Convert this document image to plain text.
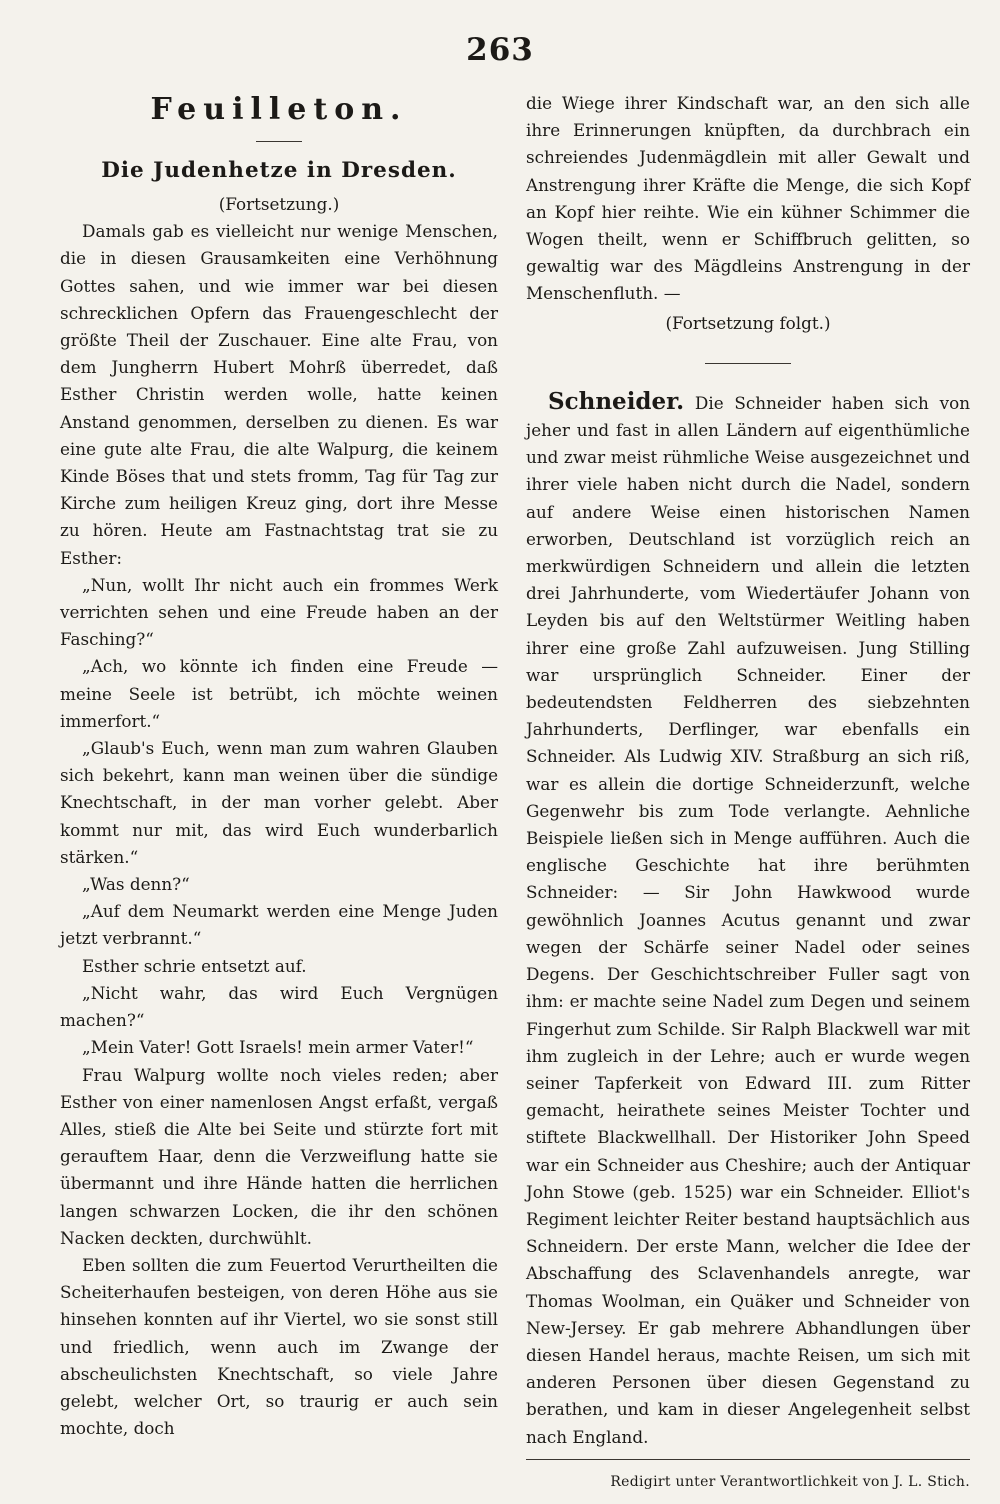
263
Feuilleton.
Die Judenhetze in Dresden.

(Fortsetzung.)

Damals gab es vielleicht nur wenige Menschen, die in diesen Grausamkeiten eine Verhöhnung Gottes sahen, und wie immer war bei diesen schrecklichen Opfern das Frauengeschlecht der größte Theil der Zuschauer. Eine alte Frau, von dem Jungherrn Hubert Mohrß überredet, daß Esther Christin werden wolle, hatte keinen Anstand genommen, derselben zu dienen. Es war eine gute alte Frau, die alte Walpurg, die keinem Kinde Böses that und stets fromm, Tag für Tag zur Kirche zum heiligen Kreuz ging, dort ihre Messe zu hören. Heute am Fastnachtstag trat sie zu Esther:

„Nun, wollt Ihr nicht auch ein frommes Werk verrichten sehen und eine Freude haben an der Fasching?“

„Ach, wo könnte ich finden eine Freude — meine Seele ist betrübt, ich möchte weinen immerfort.“

„Glaub's Euch, wenn man zum wahren Glauben sich bekehrt, kann man weinen über die sündige Knechtschaft, in der man vorher gelebt. Aber kommt nur mit, das wird Euch wunderbarlich stärken.“

„Was denn?“

„Auf dem Neumarkt werden eine Menge Juden jetzt verbrannt.“

Esther schrie entsetzt auf.

„Nicht wahr, das wird Euch Vergnügen machen?“

„Mein Vater! Gott Israels! mein armer Vater!“

Frau Walpurg wollte noch vieles reden; aber Esther von einer namenlosen Angst erfaßt, vergaß Alles, stieß die Alte bei Seite und stürzte fort mit gerauftem Haar, denn die Verzweiflung hatte sie übermannt und ihre Hände hatten die herrlichen langen schwarzen Locken, die ihr den schönen Nacken deckten, durchwühlt.

Eben sollten die zum Feuertod Verurtheilten die Scheiterhaufen besteigen, von deren Höhe aus sie hinsehen konnten auf ihr Viertel, wo sie sonst still und friedlich, wenn auch im Zwange der abscheulichsten Knechtschaft, so viele Jahre gelebt, welcher Ort, so traurig er auch sein mochte, doch

die Wiege ihrer Kindschaft war, an den sich alle ihre Erinnerungen knüpften, da durchbrach ein schreiendes Judenmägdlein mit aller Gewalt und Anstrengung ihrer Kräfte die Menge, die sich Kopf an Kopf hier reihte. Wie ein kühner Schimmer die Wogen theilt, wenn er Schiffbruch gelitten, so gewaltig war des Mägdleins Anstrengung in der Menschenfluth. —

(Fortsetzung folgt.)

Schneider. Die Schneider haben sich von jeher und fast in allen Ländern auf eigenthümliche und zwar meist rühmliche Weise ausgezeichnet und ihrer viele haben nicht durch die Nadel, sondern auf andere Weise einen historischen Namen erworben, Deutschland ist vorzüglich reich an merkwürdigen Schneidern und allein die letzten drei Jahrhunderte, vom Wiedertäufer Johann von Leyden bis auf den Weltstürmer Weitling haben ihrer eine große Zahl aufzuweisen. Jung Stilling war ursprünglich Schneider. Einer der bedeutendsten Feldherren des siebzehnten Jahrhunderts, Derflinger, war ebenfalls ein Schneider. Als Ludwig XIV. Straßburg an sich riß, war es allein die dortige Schneiderzunft, welche Gegenwehr bis zum Tode verlangte. Aehnliche Beispiele ließen sich in Menge aufführen. Auch die englische Geschichte hat ihre berühmten Schneider: — Sir John Hawkwood wurde gewöhnlich Joannes Acutus genannt und zwar wegen der Schärfe seiner Nadel oder seines Degens. Der Geschichtschreiber Fuller sagt von ihm: er machte seine Nadel zum Degen und seinem Fingerhut zum Schilde. Sir Ralph Blackwell war mit ihm zugleich in der Lehre; auch er wurde wegen seiner Tapferkeit von Edward III. zum Ritter gemacht, heirathete seines Meister Tochter und stiftete Blackwellhall. Der Historiker John Speed war ein Schneider aus Cheshire; auch der Antiquar John Stowe (geb. 1525) war ein Schneider. Elliot's Regiment leichter Reiter bestand hauptsächlich aus Schneidern. Der erste Mann, welcher die Idee der Abschaffung des Sclavenhandels anregte, war Thomas Woolman, ein Quäker und Schneider von New-Jersey. Er gab mehrere Abhandlungen über diesen Handel heraus, machte Reisen, um sich mit anderen Personen über diesen Gegenstand zu berathen, und kam in dieser Angelegenheit selbst nach England.

Redigirt unter Verantwortlichkeit von J. L. Stich.
